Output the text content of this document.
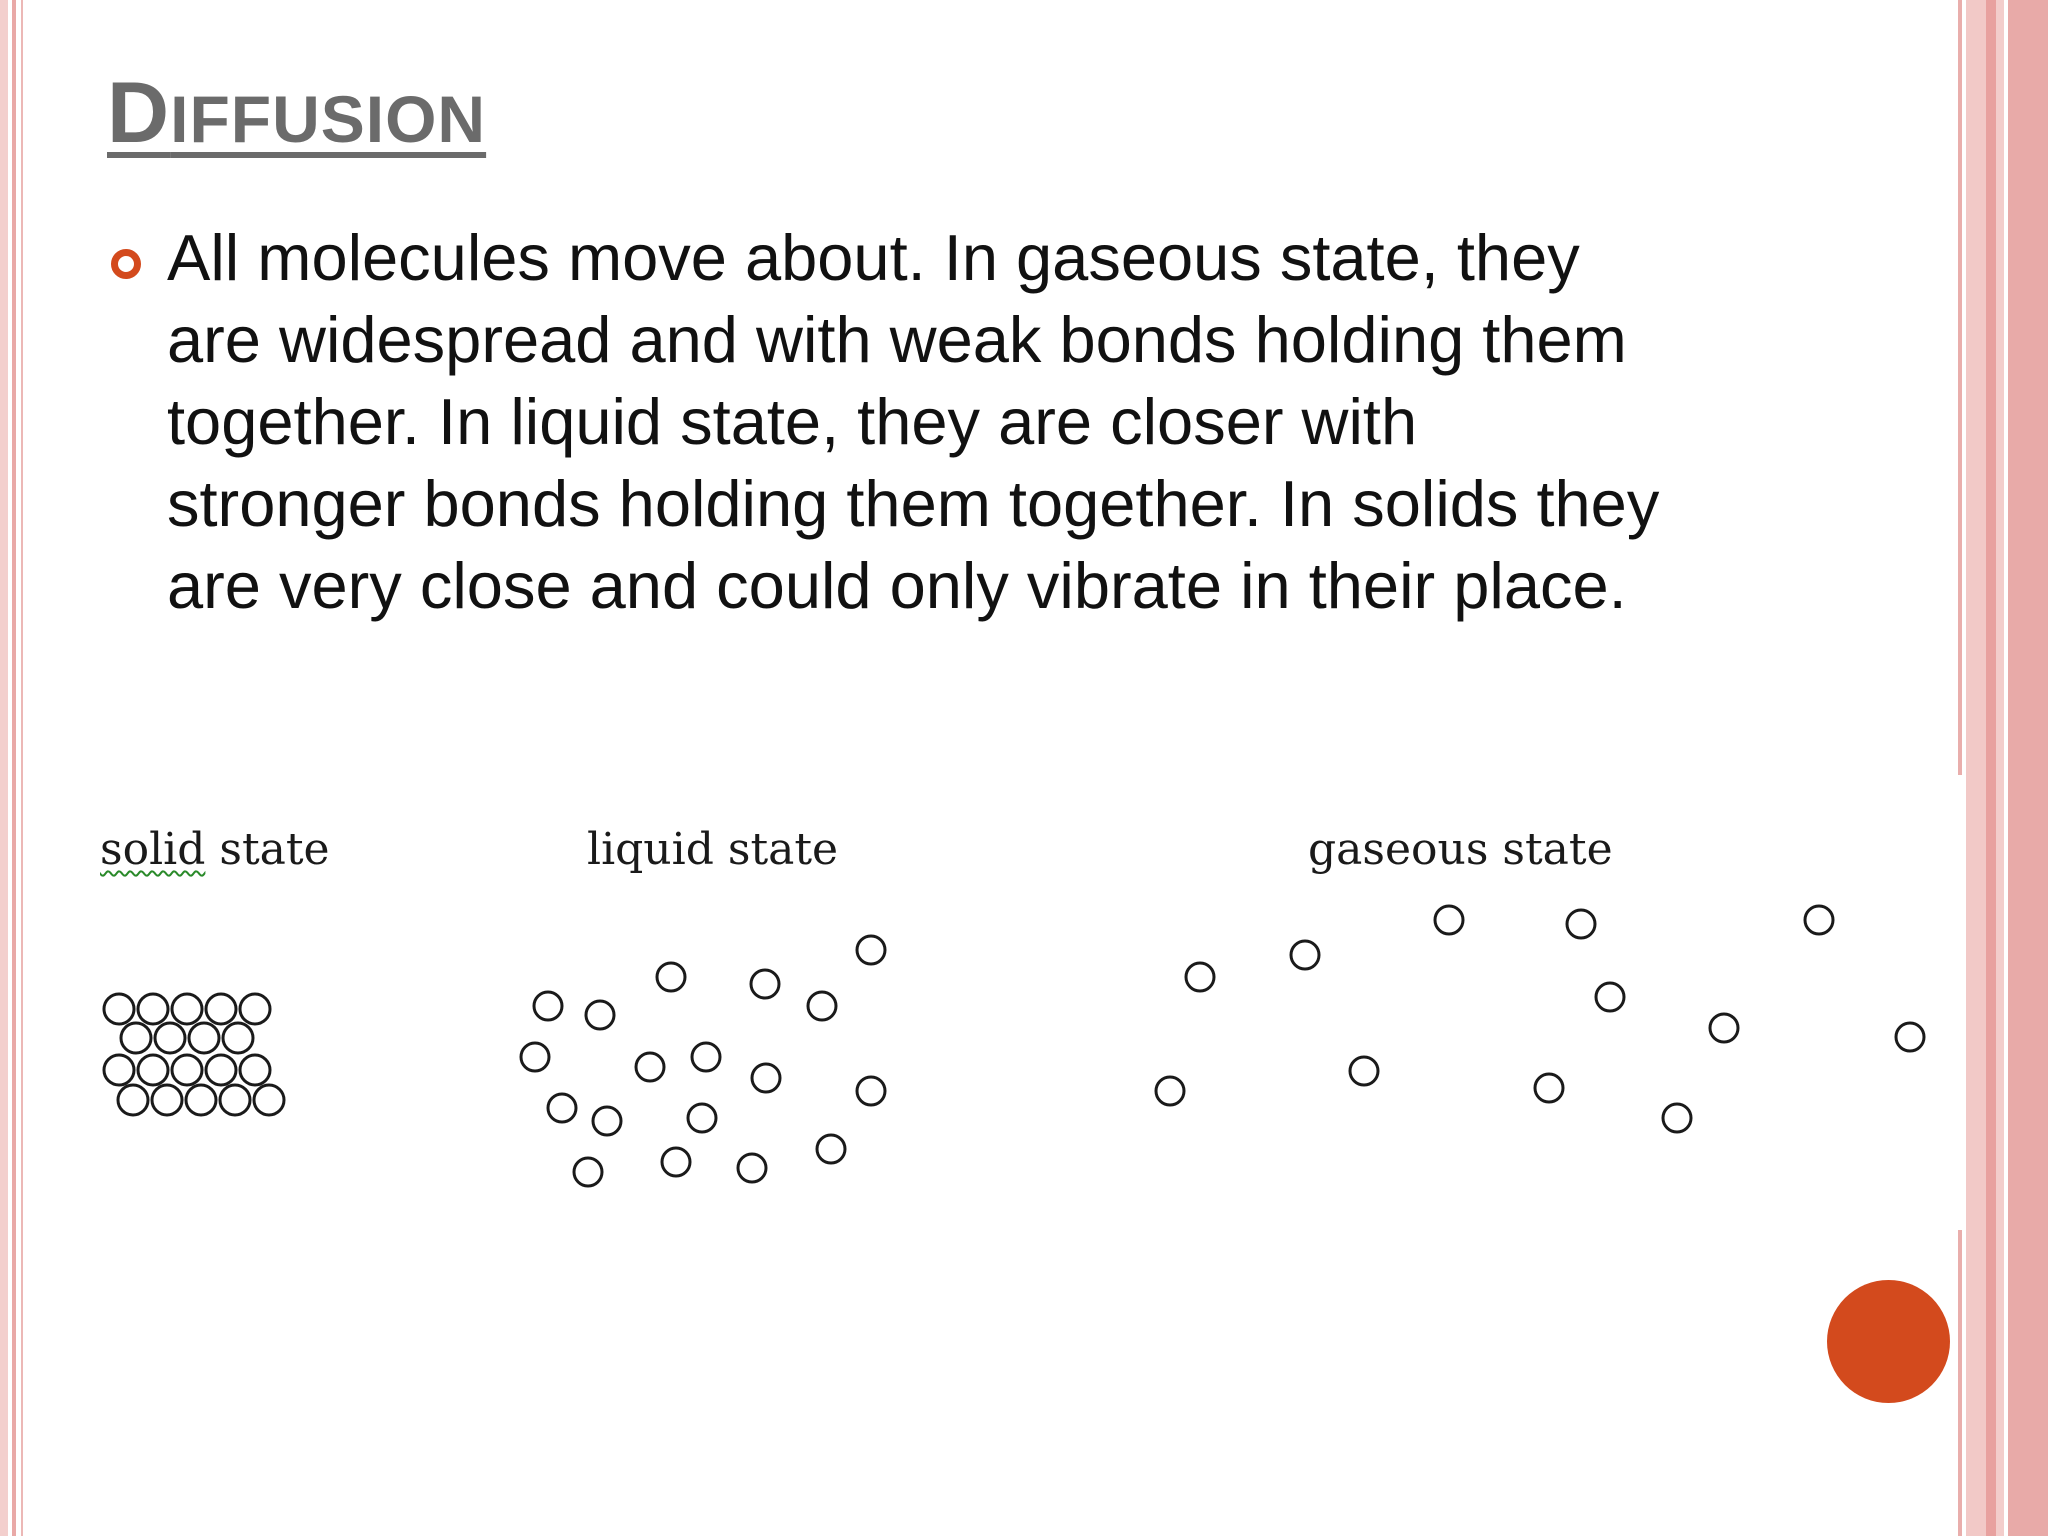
DIFFUSION

All molecules move about. In gaseous state, they
are widespread and with weak bonds holding them
together. In liquid state, they are closer with
stronger bonds holding them together. In solids they
are very close and could only vibrate in their place.

solid state	liquid state	gaseous state
